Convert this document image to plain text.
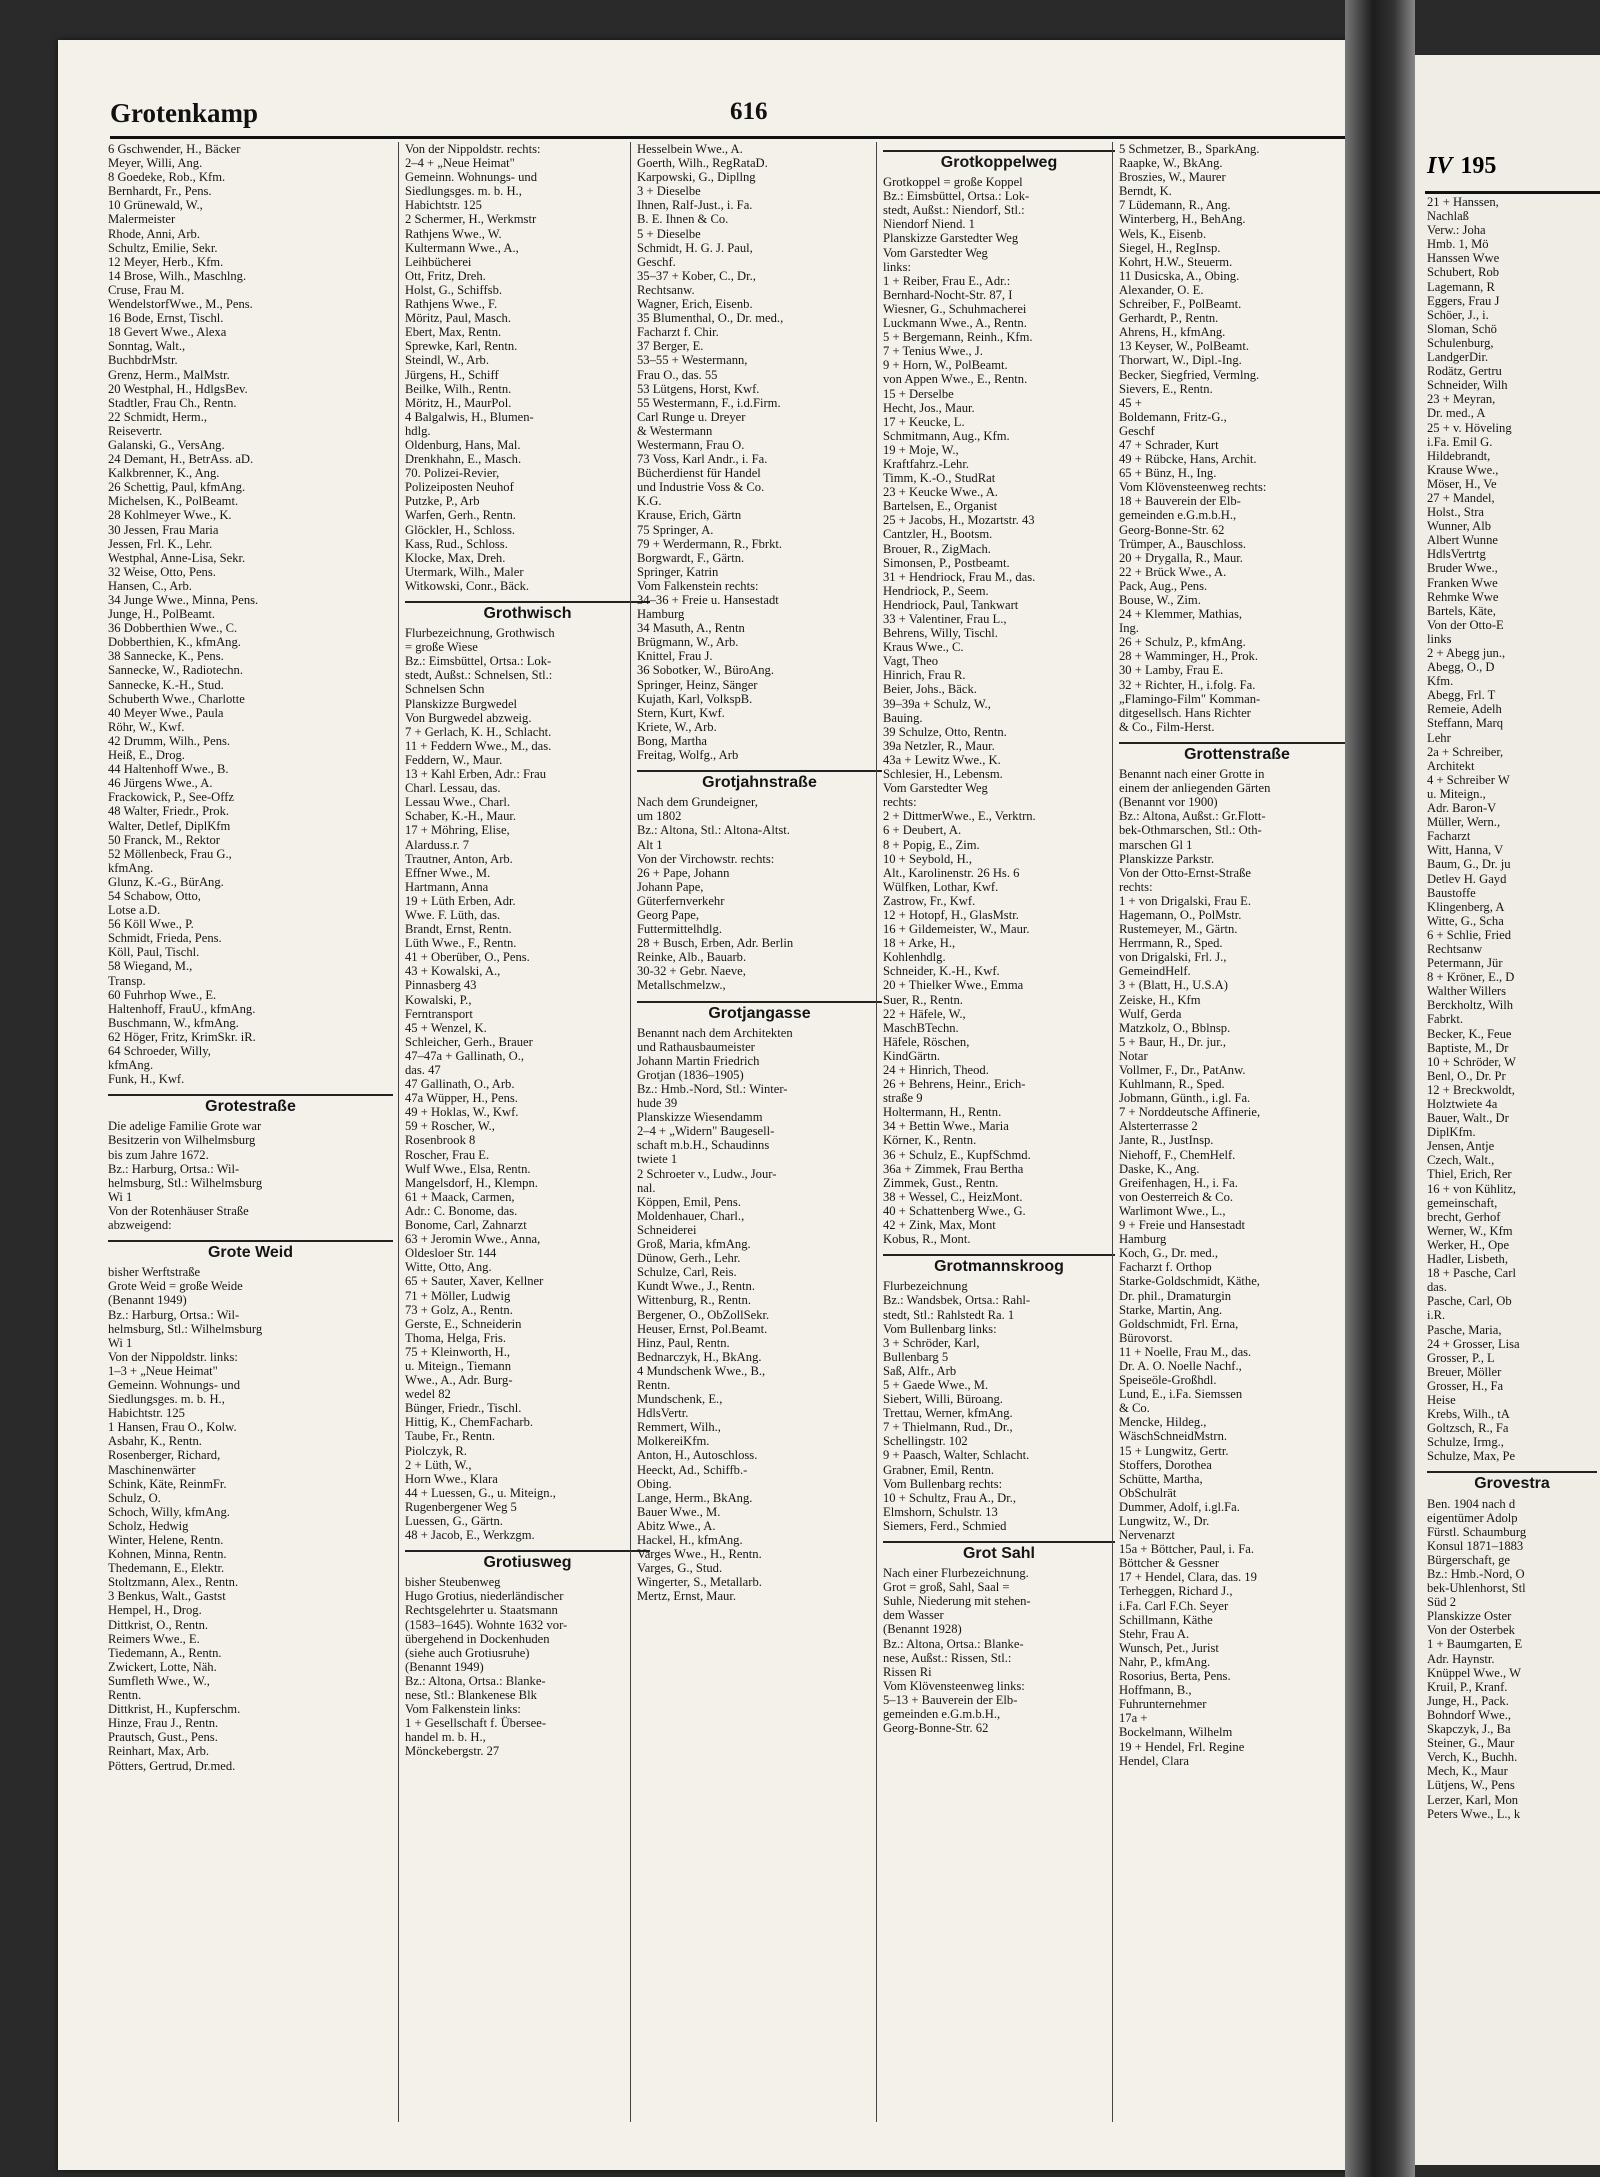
Grotenkamp	616
6 Gschwender, H., Bäcker
Meyer, Willi, Ang.
8 Goedeke, Rob., Kfm.
Bernhardt, Fr., Pens.
10 Grünewald, W.,
Malermeister
Rhode, Anni, Arb.
Schultz, Emilie, Sekr.
12 Meyer, Herb., Kfm.
14 Brose, Wilh., Maschlng.
Cruse, Frau M.
WendelstorfWwe., M., Pens.
16 Bode, Ernst, Tischl.
18 Gevert Wwe., Alexa
Sonntag, Walt.,
BuchbdrMstr.
Grenz, Herm., MalMstr.
20 Westphal, H., HdlgsBev.
Stadtler, Frau Ch., Rentn.
22 Schmidt, Herm.,
Reisevertr.
Galanski, G., VersAng.
24 Demant, H., BetrAss. aD.
Kalkbrenner, K., Ang.
26 Schettig, Paul, kfmAng.
Michelsen, K., PolBeamt.
28 Kohlmeyer Wwe., K.
30 Jessen, Frau Maria
Jessen, Frl. K., Lehr.
Westphal, Anne-Lisa, Sekr.
32 Weise, Otto, Pens.
Hansen, C., Arb.
34 Junge Wwe., Minna, Pens.
Junge, H., PolBeamt.
36 Dobberthien Wwe., C.
Dobberthien, K., kfmAng.
38 Sannecke, K., Pens.
Sannecke, W., Radiotechn.
Sannecke, K.-H., Stud.
Schuberth Wwe., Charlotte
40 Meyer Wwe., Paula
Röhr, W., Kwf.
42 Drumm, Wilh., Pens.
Heiß, E., Drog.
44 Haltenhoff Wwe., B.
46 Jürgens Wwe., A.
Frackowick, P., See-Offz
48 Walter, Friedr., Prok.
Walter, Detlef, DiplKfm
50 Franck, M., Rektor
52 Möllenbeck, Frau G.,
kfmAng.
Glunz, K.-G., BürAng.
54 Schabow, Otto,
Lotse a.D.
56 Köll Wwe., P.
Schmidt, Frieda, Pens.
Köll, Paul, Tischl.
58 Wiegand, M.,
Transp.
60 Fuhrhop Wwe., E.
Haltenhoff, FrauU., kfmAng.
Buschmann, W., kfmAng.
62 Höger, Fritz, KrimSkr. iR.
64 Schroeder, Willy,
kfmAng.
Funk, H., Kwf.
Grotestraße
Die adelige Familie Grote war
Besitzerin von Wilhelmsburg
bis zum Jahre 1672.
Bz.: Harburg, Ortsa.: Wil-
helmsburg, Stl.: Wilhelmsburg
Wi 1
Von der Rotenhäuser Straße
abzweigend:
Grote Weid
bisher Werftstraße
Grote Weid = große Weide
(Benannt 1949)
Bz.: Harburg, Ortsa.: Wil-
helmsburg, Stl.: Wilhelmsburg
Wi 1
Von der Nippoldstr. links:
1–3 + „Neue Heimat"
Gemeinn. Wohnungs- und
Siedlungsges. m. b. H.,
Habichtstr. 125
1 Hansen, Frau O., Kolw.
Asbahr, K., Rentn.
Rosenberger, Richard,
Maschinenwärter
Schink, Käte, ReinmFr.
Schulz, O.
Schoch, Willy, kfmAng.
Scholz, Hedwig
Winter, Helene, Rentn.
Kohnen, Minna, Rentn.
Thedemann, E., Elektr.
Stoltzmann, Alex., Rentn.
3 Benkus, Walt., Gastst
Hempel, H., Drog.
Dittkrist, O., Rentn.
Reimers Wwe., E.
Tiedemann, A., Rentn.
Zwickert, Lotte, Näh.
Sumfleth Wwe., W.,
Rentn.
Dittkrist, H., Kupferschm.
Hinze, Frau J., Rentn.
Prautsch, Gust., Pens.
Reinhart, Max, Arb.
Pötters, Gertrud, Dr.med.
Von der Nippoldstr. rechts:
2–4 + „Neue Heimat"
Gemeinn. Wohnungs- und
Siedlungsges. m. b. H.,
Habichtstr. 125
2 Schermer, H., Werkmstr
Rathjens Wwe., W.
Kultermann Wwe., A.,
Leihbücherei
Ott, Fritz, Dreh.
Holst, G., Schiffsb.
Rathjens Wwe., F.
Möritz, Paul, Masch.
Ebert, Max, Rentn.
Sprewke, Karl, Rentn.
Steindl, W., Arb.
Jürgens, H., Schiff
Beilke, Wilh., Rentn.
Möritz, H., MaurPol.
4 Balgalwis, H., Blumen-
hdlg.
Oldenburg, Hans, Mal.
Drenkhahn, E., Masch.
70. Polizei-Revier,
Polizeiposten Neuhof
Putzke, P., Arb
Warfen, Gerh., Rentn.
Glöckler, H., Schloss.
Kass, Rud., Schloss.
Klocke, Max, Dreh.
Utermark, Wilh., Maler
Witkowski, Conr., Bäck.
Grothwisch
Flurbezeichnung, Grothwisch
= große Wiese
Bz.: Eimsbüttel, Ortsa.: Lok-
stedt, Außst.: Schnelsen, Stl.:
Schnelsen Schn
Planskizze Burgwedel
Von Burgwedel abzweig.
7 + Gerlach, K. H., Schlacht.
11 + Feddern Wwe., M., das.
Feddern, W., Maur.
13 + Kahl Erben, Adr.: Frau
Charl. Lessau, das.
Lessau Wwe., Charl.
Schaber, K.-H., Maur.
17 + Möhring, Elise,
Alarduss.r. 7
Trautner, Anton, Arb.
Effner Wwe., M.
Hartmann, Anna
19 + Lüth Erben, Adr.
Wwe. F. Lüth, das.
Brandt, Ernst, Rentn.
Lüth Wwe., F., Rentn.
41 + Oberüber, O., Pens.
43 + Kowalski, A.,
Pinnasberg 43
Kowalski, P.,
Ferntransport
45 + Wenzel, K.
Schleicher, Gerh., Brauer
47–47a + Gallinath, O.,
das. 47
47 Gallinath, O., Arb.
47a Wüpper, H., Pens.
49 + Hoklas, W., Kwf.
59 + Roscher, W.,
Rosenbrook 8
Roscher, Frau E.
Wulf Wwe., Elsa, Rentn.
Mangelsdorf, H., Klempn.
61 + Maack, Carmen,
Adr.: C. Bonome, das.
Bonome, Carl, Zahnarzt
63 + Jeromin Wwe., Anna,
Oldesloer Str. 144
Witte, Otto, Ang.
65 + Sauter, Xaver, Kellner
71 + Möller, Ludwig
73 + Golz, A., Rentn.
Gerste, E., Schneiderin
Thoma, Helga, Fris.
75 + Kleinworth, H.,
u. Miteign., Tiemann
Wwe., A., Adr. Burg-
wedel 82
Bünger, Friedr., Tischl.
Hittig, K., ChemFacharb.
Taube, Fr., Rentn.
Piolczyk, R.
2 + Lüth, W.,
Horn Wwe., Klara
44 + Luessen, G., u. Miteign.,
Rugenbergener Weg 5
Luessen, G., Gärtn.
48 + Jacob, E., Werkzgm.
Grotiusweg
bisher Steubenweg
Hugo Grotius, niederländischer
Rechtsgelehrter u. Staatsmann
(1583–1645). Wohnte 1632 vor-
übergehend in Dockenhuden
(siehe auch Grotiusruhe)
(Benannt 1949)
Bz.: Altona, Ortsa.: Blanke-
nese, Stl.: Blankenese Blk
Vom Falkenstein links:
1 + Gesellschaft f. Überseе-
handel m. b. H.,
Mönckebergstr. 27
Hesselbein Wwe., A.
Goerth, Wilh., RegRataD.
Karpowski, G., Dipllng
3 + Dieselbe
Ihnen, Ralf-Just., i. Fa.
B. E. Ihnen & Co.
5 + Dieselbe
Schmidt, H. G. J. Paul,
Geschf.
35–37 + Kober, C., Dr.,
Rechtsanw.
Wagner, Erich, Eisenb.
35 Blumenthal, O., Dr. med.,
Facharzt f. Chir.
37 Berger, E.
53–55 + Westermann,
Frau O., das. 55
53 Lütgens, Horst, Kwf.
55 Westermann, F., i.d.Firm.
Carl Runge u. Dreyer
& Westermann
Westermann, Frau O.
73 Voss, Karl Andr., i. Fa.
Bücherdienst für Handel
und Industrie Voss & Co.
K.G.
Krause, Erich, Gärtn
75 Springer, A.
79 + Werdermann, R., Fbrkt.
Borgwardt, F., Gärtn.
Springer, Katrin
Vom Falkenstein rechts:
34–36 + Freie u. Hansestadt
Hamburg
34 Masuth, A., Rentn
Brügmann, W., Arb.
Knittel, Frau J.
36 Sobotker, W., BüroAng.
Springer, Heinz, Sänger
Kujath, Karl, VolkspB.
Stern, Kurt, Kwf.
Kriete, W., Arb.
Bong, Martha
Freitag, Wolfg., Arb
Grotjahnstraße
Nach dem Grundeigner,
um 1802
Bz.: Altona, Stl.: Altona-Altst.
Alt 1
Von der Virchowstr. rechts:
26 + Pape, Johann
Johann Pape,
Güterfernverkehr
Georg Pape,
Futtermittelhdlg.
28 + Busch, Erben, Adr. Berlin
Reinke, Alb., Bauarb.
30-32 + Gebr. Naeve,
Metallschmelzw.,
Grotjangasse
Benannt nach dem Architekten
und Rathausbaumeister
Johann Martin Friedrich
Grotjan (1836–1905)
Bz.: Hmb.-Nord, Stl.: Winter-
hude 39
Planskizze Wiesendamm
2–4 + „Widern" Baugesell-
schaft m.b.H., Schaudinns
twiete 1
2 Schroeter v., Ludw., Jour-
nal.
Köppen, Emil, Pens.
Moldenhauer, Charl.,
Schneiderei
Groß, Maria, kfmAng.
Dünow, Gerh., Lehr.
Schulze, Carl, Reis.
Kundt Wwe., J., Rentn.
Wittenburg, R., Rentn.
Bergener, O., ObZollSekr.
Heuser, Ernst, Pol.Beamt.
Hinz, Paul, Rentn.
Bednarczyk, H., BkAng.
4 Mundschenk Wwe., B.,
Rentn.
Mundschenk, E.,
HdlsVertr.
Remmert, Wilh.,
MolkereiKfm.
Anton, H., Autoschloss.
Heeckt, Ad., Schiffb.-
Obing.
Lange, Herm., BkAng.
Bauer Wwe., M.
Abitz Wwe., A.
Hackel, H., kfmAng.
Varges Wwe., H., Rentn.
Varges, G., Stud.
Wingerter, S., Metallarb.
Mertz, Ernst, Maur.
Grotkoppelweg
Grotkoppel = große Koppel
Bz.: Eimsbüttel, Ortsa.: Lok-
stedt, Außst.: Niendorf, Stl.:
Niendorf Niend. 1
Planskizze Garstedter Weg
Vom Garstedter Weg
links:
1 + Reiber, Frau E., Adr.:
Bernhard-Nocht-Str. 87, I
Wiesner, G., Schuhmacherei
Luckmann Wwe., A., Rentn.
5 + Bergemann, Reinh., Kfm.
7 + Tenius Wwe., J.
9 + Horn, W., PolBeamt.
von Appen Wwe., E., Rentn.
15 + Derselbe
Hecht, Jos., Maur.
17 + Keucke, L.
Schmitmann, Aug., Kfm.
19 + Moje, W.,
Kraftfahrz.-Lehr.
Timm, K.-O., StudRat
23 + Keucke Wwe., A.
Bartelsen, E., Organist
25 + Jacobs, H., Mozartstr. 43
Cantzler, H., Bootsm.
Brouer, R., ZigMach.
Simonsen, P., Postbeamt.
31 + Hendriock, Frau M., das.
Hendriock, P., Seem.
Hendriock, Paul, Tankwart
33 + Valentiner, Frau L.,
Behrens, Willy, Tischl.
Kraus Wwe., C.
Vagt, Theo
Hinrich, Frau R.
Beier, Johs., Bäck.
39–39a + Schulz, W.,
Bauing.
39 Schulze, Otto, Rentn.
39a Netzler, R., Maur.
43a + Lewitz Wwe., K.
Schlesier, H., Lebensm.
Vom Garstedter Weg
rechts:
2 + DittmerWwe., E., Verktrn.
6 + Deubert, A.
8 + Popig, E., Zim.
10 + Seybold, H.,
Alt., Karolinenstr. 26 Hs. 6
Wülfken, Lothar, Kwf.
Zastrow, Fr., Kwf.
12 + Hotopf, H., GlasMstr.
16 + Gildemeister, W., Maur.
18 + Arke, H.,
Kohlenhdlg.
Schneider, K.-H., Kwf.
20 + Thielker Wwe., Emma
Suer, R., Rentn.
22 + Häfele, W.,
MaschBTechn.
Häfele, Röschen,
KindGärtn.
24 + Hinrich, Theod.
26 + Behrens, Heinr., Erich-
straße 9
Holtermann, H., Rentn.
34 + Bettin Wwe., Maria
Körner, K., Rentn.
36 + Schulz, E., KupfSchmd.
36a + Zimmek, Frau Bertha
Zimmek, Gust., Rentn.
38 + Wessel, C., HeizMont.
40 + Schattenberg Wwe., G.
42 + Zink, Max, Mont
Kobus, R., Mont.
Grotmannskroog
Flurbezeichnung
Bz.: Wandsbek, Ortsa.: Rahl-
stedt, Stl.: Rahlstedt Ra. 1
Vom Bullenbarg links:
3 + Schröder, Karl,
Bullenbarg 5
Saß, Alfr., Arb
5 + Gaede Wwe., M.
Siebert, Willi, Büroang.
Trettau, Werner, kfmAng.
7 + Thielmann, Rud., Dr.,
Schellingstr. 102
9 + Paasch, Walter, Schlacht.
Grabner, Emil, Rentn.
Vom Bullenbarg rechts:
10 + Schultz, Frau A., Dr.,
Elmshorn, Schulstr. 13
Siemers, Ferd., Schmied
Grot Sahl
Nach einer Flurbezeichnung.
Grot = groß, Sahl, Saal =
Suhle, Niederung mit stehen-
dem Wasser
(Benannt 1928)
Bz.: Altona, Ortsa.: Blanke-
nese, Außst.: Rissen, Stl.:
Rissen Ri
Vom Klövensteenweg links:
5–13 + Bauverein der Elb-
gemeinden e.G.m.b.H.,
Georg-Bonne-Str. 62
5 Schmetzer, B., SparkAng.
Raapke, W., BkAng.
Broszies, W., Maurer
Berndt, K.
7 Lüdemann, R., Ang.
Winterberg, H., BehAng.
Wels, K., Eisenb.
Siegel, H., RegInsp.
Kohrt, H.W., Steuerm.
11 Dusicska, A., Obing.
Alexander, O. E.
Schreiber, F., PolBeamt.
Gerhardt, P., Rentn.
Ahrens, H., kfmAng.
13 Keyser, W., PolBeamt.
Thorwart, W., Dipl.-Ing.
Becker, Siegfried, Vermlng.
Sievers, E., Rentn.
45 +
Boldemann, Fritz-G.,
Geschf
47 + Schrader, Kurt
49 + Rübcke, Hans, Archit.
65 + Bünz, H., Ing.
Vom Klövensteenweg rechts:
18 + Bauverein der Elb-
gemeinden e.G.m.b.H.,
Georg-Bonne-Str. 62
Trümper, A., Bauschloss.
20 + Drygalla, R., Maur.
22 + Brück Wwe., A.
Pack, Aug., Pens.
Bouse, W., Zim.
24 + Klemmer, Mathias,
Ing.
26 + Schulz, P., kfmAng.
28 + Wamminger, H., Prok.
30 + Lamby, Frau E.
32 + Richter, H., i.folg. Fa.
„Flamingo-Film" Komman-
ditgesellsch. Hans Richter
& Co., Film-Herst.
Grottenstraße
Benannt nach einer Grotte in
einem der anliegenden Gärten
(Benannt vor 1900)
Bz.: Altona, Außst.: Gr.Flott-
bek-Othmarschen, Stl.: Oth-
marschen Gl 1
Planskizze Parkstr.
Von der Otto-Ernst-Straße
rechts:
1 + von Drigalski, Frau E.
Hagemann, O., PolMstr.
Rustemeyer, M., Gärtn.
Herrmann, R., Sped.
von Drigalski, Frl. J.,
GemeindHelf.
3 + (Blatt, H., U.S.A)
Zeiske, H., Kfm
Wulf, Gerda
Matzkolz, O., Bblnsp.
5 + Baur, H., Dr. jur.,
Notar
Vollmer, F., Dr., PatAnw.
Kuhlmann, R., Sped.
Jobmann, Günth., i.gl. Fa.
7 + Norddeutsche Affinerie,
Alsterterrasse 2
Jante, R., JustInsp.
Niehoff, F., ChemHelf.
Daske, K., Ang.
Greifenhagen, H., i. Fa.
von Oesterreich & Co.
Warlimont Wwe., L.,
9 + Freie und Hansestadt
Hamburg
Koch, G., Dr. med.,
Facharzt f. Orthop
Starke-Goldschmidt, Käthe,
Dr. phil., Dramaturgin
Starke, Martin, Ang.
Goldschmidt, Frl. Erna,
Bürovorst.
11 + Noelle, Frau M., das.
Dr. A. O. Noelle Nachf.,
Speiseöle-Großhdl.
Lund, E., i.Fa. Siemssen
& Co.
Mencke, Hildeg.,
WäschSchneidMstrn.
15 + Lungwitz, Gertr.
Stoffers, Dorothea
Schütte, Martha,
ObSchulrät
Dummer, Adolf, i.gl.Fa.
Lungwitz, W., Dr.
Nervenarzt
15a + Böttcher, Paul, i. Fa.
Böttcher & Gessner
17 + Hendel, Clara, das. 19
Terheggen, Richard J.,
i.Fa. Carl F.Ch. Seyer
Schillmann, Käthe
Stehr, Frau A.
Wunsch, Pet., Jurist
Nahr, P., kfmAng.
Rosorius, Berta, Pens.
Hoffmann, B.,
Fuhrunternehmer
17a +
Bockelmann, Wilhelm
19 + Hendel, Frl. Regine
Hendel, Clara
IV 195
21 + Hanssen,
Nachlaß
Verw.: Joha
Hmb. 1, Mö
Hanssen Wwe
Schubert, Rob
Lagemann, R
Eggers, Frau J
Schöer, J., i.
Sloman, Schö
Schulenburg,
LandgerDir.
Rodätz, Gertru
Schneider, Wilh
23 + Meyran,
Dr. med., A
25 + v. Höveling
i.Fa. Emil G.
Hildebrandt,
Krause Wwe.,
Möser, H., Ve
27 + Mandel,
Holst., Stra
Wunner, Alb
Albert Wunne
HdlsVertrtg
Bruder Wwe.,
Franken Wwe
Rehmke Wwe
Bartels, Käte,
Von der Otto-E
links
2 + Abegg jun.,
Abegg, O., D
Kfm.
Abegg, Frl. T
Remeie, Adelh
Steffann, Marq
Lehr
2a + Schreiber,
Architekt
4 + Schreiber W
u. Miteign.,
Adr. Baron-V
Müller, Wern.,
Facharzt
Witt, Hanna, V
Baum, G., Dr. ju
Detlev H. Gayd
Baustoffe
Klingenberg, A
Witte, G., Scha
6 + Schlie, Fried
Rechtsanw
Petermann, Jür
8 + Kröner, E., D
Walther Willers
Berckholtz, Wilh
Fabrkt.
Becker, K., Feue
Baptiste, M., Dr
10 + Schröder, W
Benl, O., Dr. Pr
12 + Breckwoldt,
Holztwiete 4a
Bauer, Walt., Dr
DiplKfm.
Jensen, Antje
Czech, Walt.,
Thiel, Erich, Rer
16 + von Kühlitz,
gemeinschaft,
brecht, Gerhof
Werner, W., Kfm
Werker, H., Ope
Hadler, Lisbeth,
18 + Pasche, Carl
das.
Pasche, Carl, Ob
i.R.
Pasche, Maria,
24 + Grosser, Lisa
Grosser, P., L
Breuer, Möller
Grosser, H., Fa
Heise
Krebs, Wilh., tA
Goltzsch, R., Fa
Schulze, Irmg.,
Schulze, Max, Pe
Grovestra
Ben. 1904 nach d
eigentümer Adolp
Fürstl. Schaumburg
Konsul 1871–1883
Bürgerschaft, ge
Bz.: Hmb.-Nord, O
bek-Uhlenhorst, Stl
Süd 2
Planskizze Oster
Von der Osterbek
1 + Baumgarten, E
Adr. Haynstr.
Knüppel Wwe., W
Kruil, P., Kranf.
Junge, H., Pack.
Bohndorf Wwe.,
Skapczyk, J., Ba
Steiner, G., Maur
Verch, K., Buchh.
Mech, K., Maur
Lütjens, W., Pens
Lerzer, Karl, Mon
Peters Wwe., L., k
